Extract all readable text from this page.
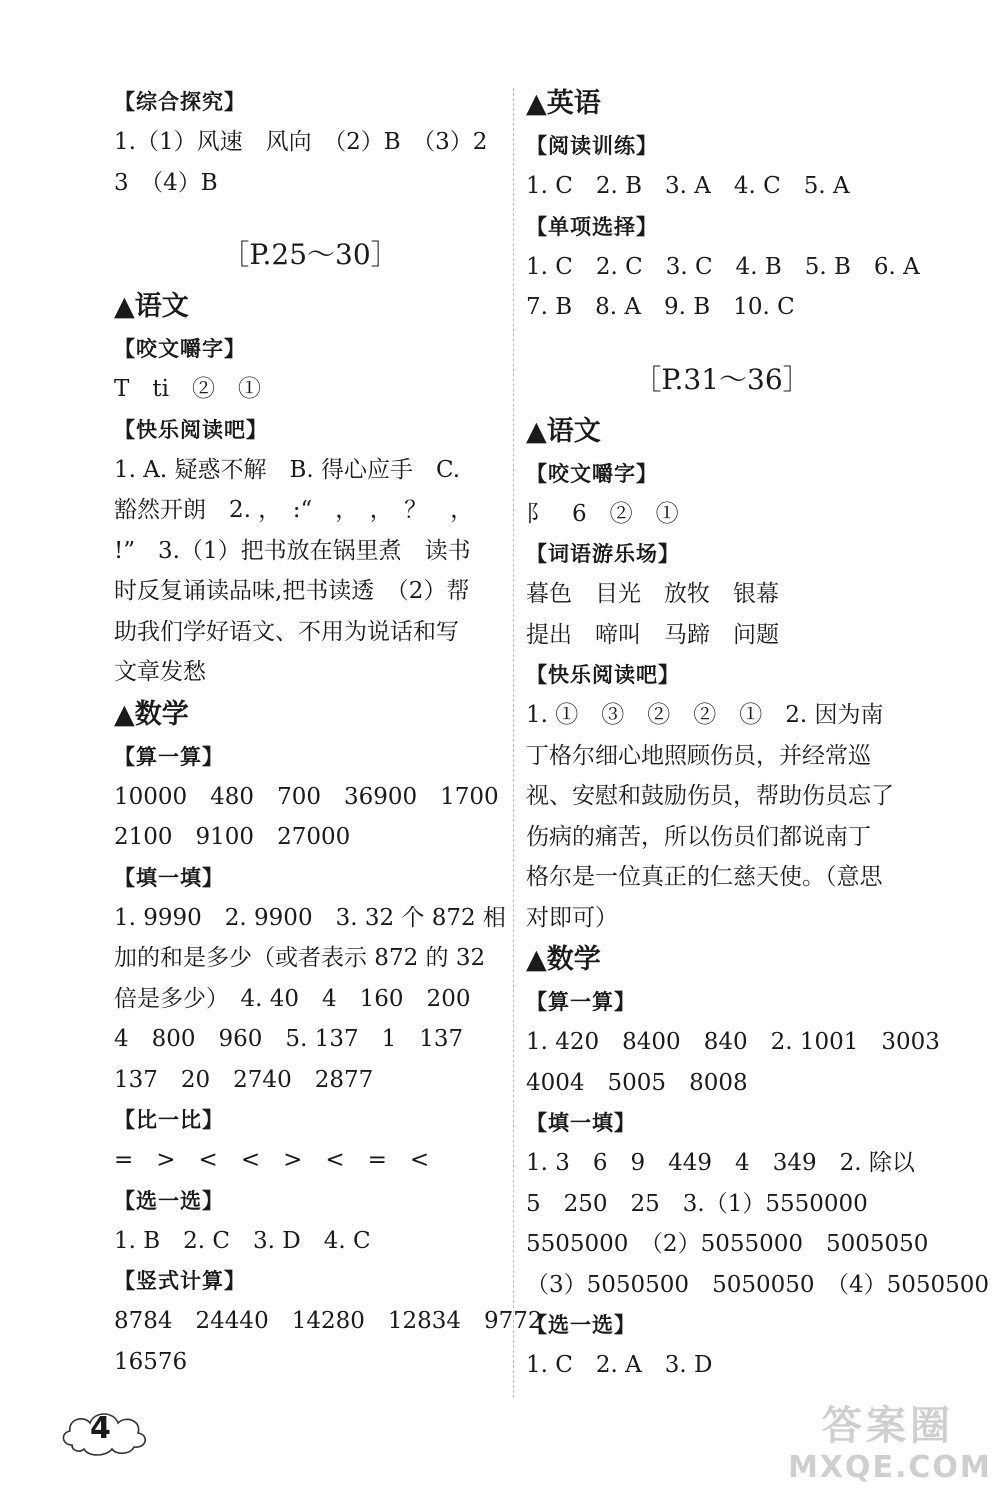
【综合探究】
1.（1）风速　风向　（2）B　（3）2
3　（4）B
［P.25～30］
▲语文
【咬文嚼字】
T　ti　②　①
【快乐阅读吧】
1. A. 疑惑不解　B. 得心应手　C.
豁然开朗　2. ，　:“　，　，　？　，
!”　3.（1）把书放在锅里煮　读书
时反复诵读品味,把书读透　（2）帮
助我们学好语文、不用为说话和写
文章发愁
▲数学
【算一算】
10000　480　700　36900　1700
2100　9100　27000
【填一填】
1. 9990　2. 9900　3. 32 个 872 相
加的和是多少（或者表示 872 的 32
倍是多少）　4. 40　4　160　200
4　800　960　5. 137　1　137
137　20　2740　2877
【比一比】
=　>　<　<　>　<　=　<
【选一选】
1. B　2. C　3. D　4. C
【竖式计算】
8784　24440　14280　12834　9772
16576
▲英语
【阅读训练】
1. C　2. B　3. A　4. C　5. A
【单项选择】
1. C　2. C　3. C　4. B　5. B　6. A
7. B　8. A　9. B　10. C
［P.31～36］
▲语文
【咬文嚼字】
阝　6　②　①
【词语游乐场】
暮色　目光　放牧　银幕
提出　啼叫　马蹄　问题
【快乐阅读吧】
1. ①　③　②　②　①　2. 因为南
丁格尔细心地照顾伤员，并经常巡
视、安慰和鼓励伤员，帮助伤员忘了
伤病的痛苦，所以伤员们都说南丁
格尔是一位真正的仁慈天使。（意思
对即可）
▲数学
【算一算】
1. 420　8400　840　2. 1001　3003
4004　5005　8008
【填一填】
1. 3　6　9　449　4　349　2. 除以
5　250　25　3.（1）5550000
5505000　（2）5055000　5005050
（3）5050500　5050050　（4）5050500
【选一选】
1. C　2. A　3. D
4	答案圈
MXQE.COM
